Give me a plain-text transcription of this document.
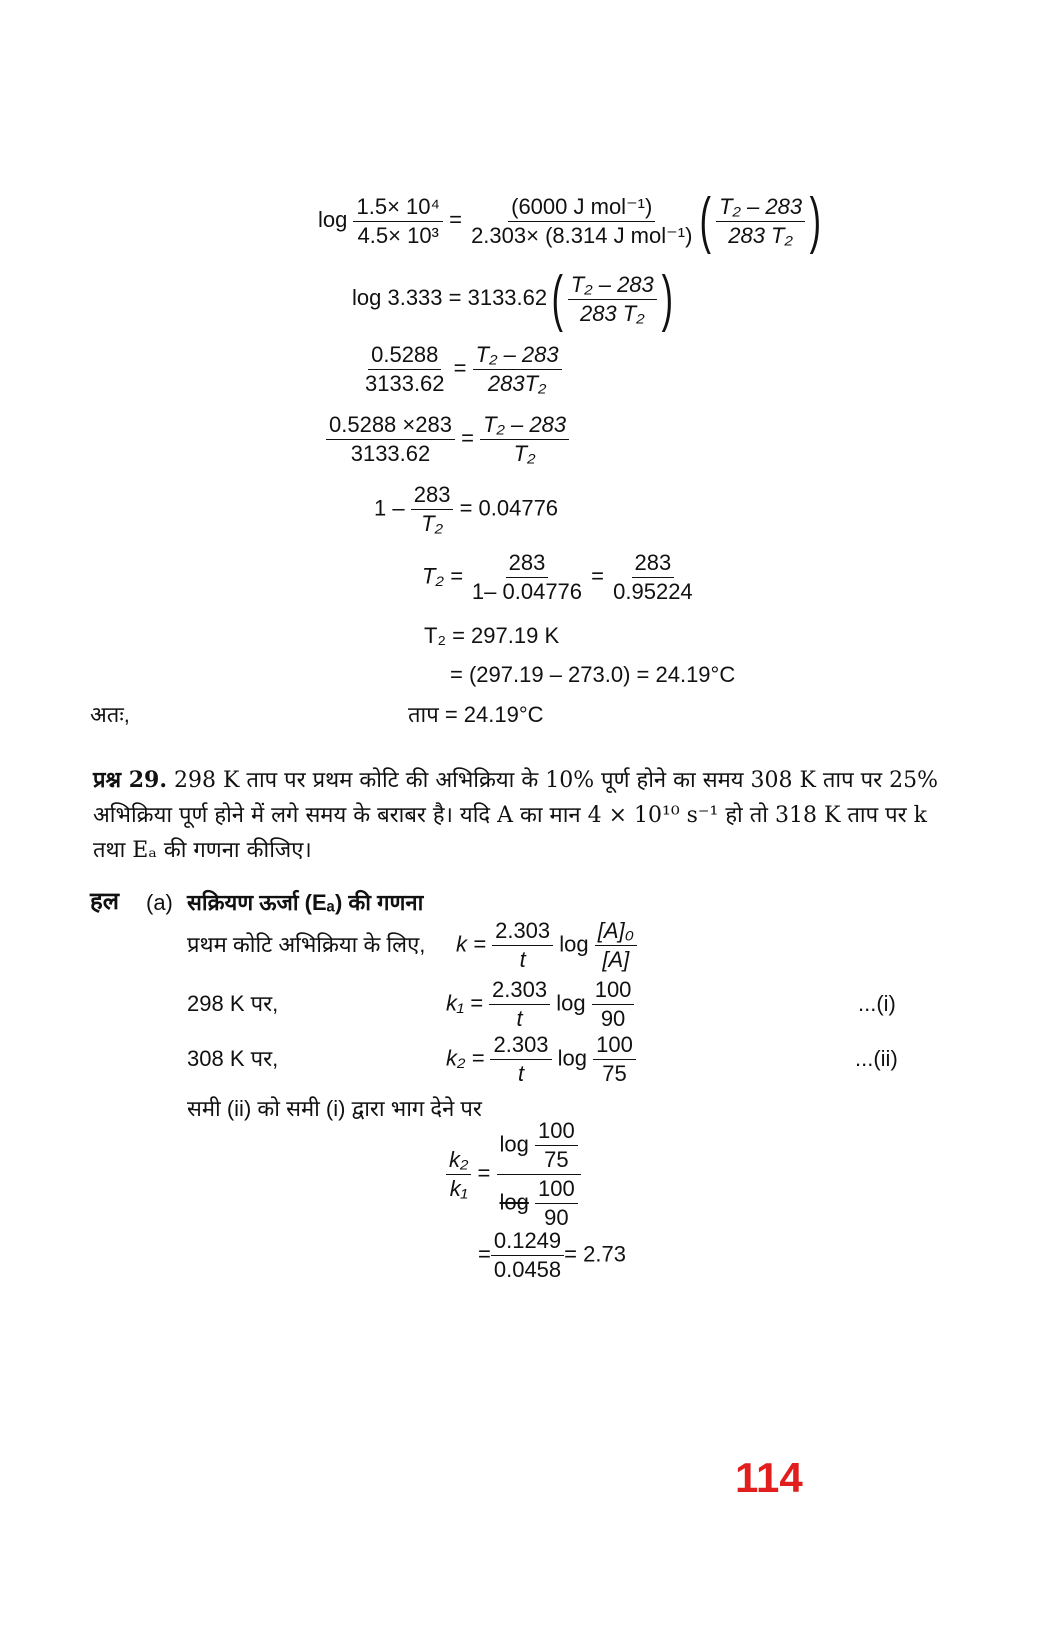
$\log \frac{\text{1.5× 10⁴}}{\text{4.5× 10³}} = \frac{\text{(6000 J mol⁻¹)}}{\text{2.303× (8.314 J mol⁻¹)}}$ ( $\frac{\text{T₂ – 283}}{\text{283 T₂}}$ )
$\log 3.333 = 3133.62( \frac{\text{T₂ – 283}}{\text{283 T₂}}$ )
$\frac{0.5288}{3133.62} = \frac{\text{T₂ – 283}}{\text{283T₂}}$
$\frac{0.5288 \times 283}{3133.62} = \frac{\text{T₂ – 283}}{\text{T₂}}$
$1 - \frac{283}{\text{T₂}} = 0.04776$
$T_2 = \frac{283}{1- 0.04776} = \frac{283}{0.95224}$
T₂ = 297.19 K
= (297.19 – 273.0) = 24.19°C
अतः,	ताप = 24.19°C
प्रश्न 29. 298 K ताप पर प्रथम कोटि की अभिक्रिया के 10% पूर्ण होने का समय 308 K ताप पर 25% अभिक्रिया पूर्ण होने में लगे समय के बराबर है। यदि A का मान 4 × 10¹⁰ s⁻¹ हो तो 318 K ताप पर k तथा Eₐ की गणना कीजिए।
हल (a) सक्रियण ऊर्जा (Eₐ) की गणना
प्रथम कोटि अभिक्रिया के लिए, $k = \frac{2.303}{t}$ $\log \frac{\text{[A]₀}}{[A]}$
298 K पर,	$k_1 = \frac{2.303}{t}$ $\log \frac{100}{90}$	...(i)
308 K पर,	$k_2 = \frac{2.303}{t}$ $\log \frac{100}{75}$	...(ii)
समी (ii) को समी (i) द्वारा भाग देने पर
$\frac{\text{k₂}}{\text{k₁}} = \frac{\log \frac{100}{75}}{\log \frac{100}{90}}$
= $\frac{0.1249}{0.0458} = 2.73$
114
